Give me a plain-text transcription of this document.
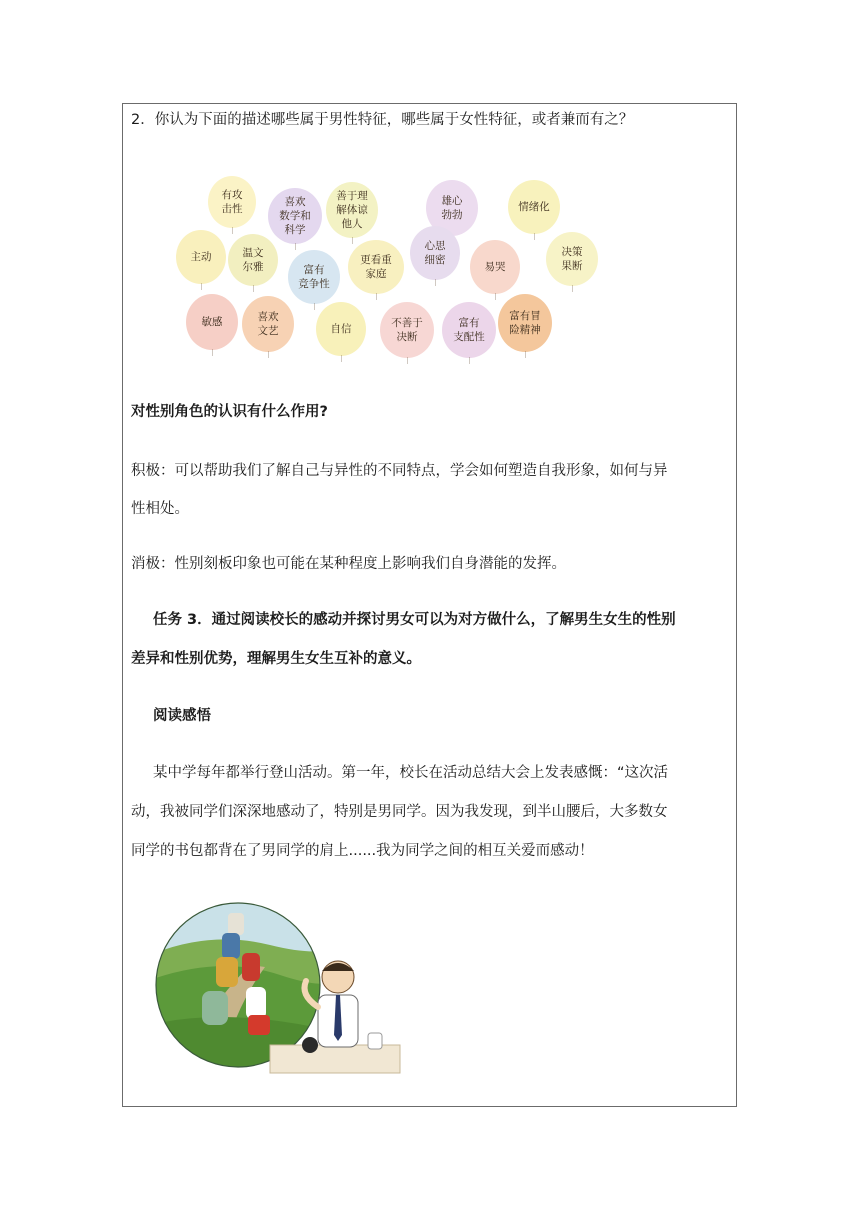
2．你认为下面的描述哪些属于男性特征，哪些属于女性特征，或者兼而有之？
有攻
击性
喜欢
数学和
科学
善于理
解体谅
他人
雄心
勃勃
情绪化
主动	温文
尔雅	富有
竞争性
更看重
家庭
心思
细密
易哭
决策
果断
敏感	喜欢
文艺	自信	不善于
决断
富有
支配性
富有冒
险精神
对性别角色的认识有什么作用?
积极：可以帮助我们了解自己与异性的不同特点，学会如何塑造自我形象，如何与异
性相处。
消极：性别刻板印象也可能在某种程度上影响我们自身潜能的发挥。
任务 3．通过阅读校长的感动并探讨男女可以为对方做什么，了解男生女生的性别
差异和性别优势，理解男生女生互补的意义。
阅读感悟
某中学每年都举行登山活动。第一年，校长在活动总结大会上发表感慨：“这次活
动，我被同学们深深地感动了，特别是男同学。因为我发现，到半山腰后，大多数女
同学的书包都背在了男同学的肩上......我为同学之间的相互关爱而感动！
